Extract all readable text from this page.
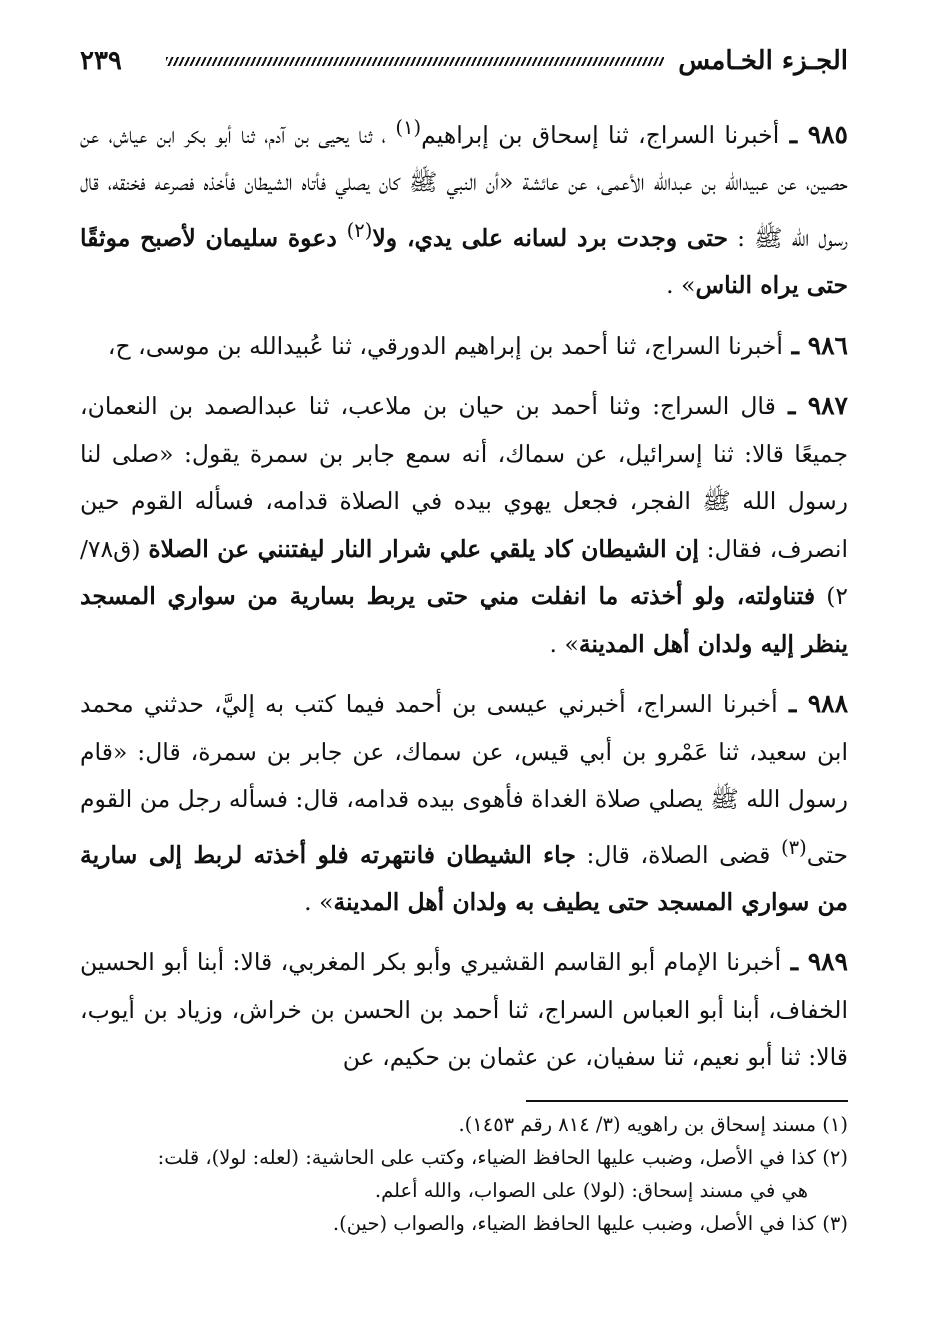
٢٣٩	الجـزء الخـامس

٩٨٥ ـ أخبرنا السراج، ثنا إسحاق بن إبراهيم$^{(١)}$ ، ثنا يحيى بن آدم، ثنا أبو بكر ابن عياش، عن حصين، عن عبيدالله بن عبدالله الأعمى، عن عائشة «أن النبي ﷺ كان يصلي فأتاه الشيطان فأخذه فصرعه فخنقه، قال رسول الله ﷺ : حتى وجدت برد لسانه على يدي، ولا$^{(٢)}$ دعوة سليمان لأصبح موثقًا حتى يراه الناس» .

٩٨٦ ـ أخبرنا السراج، ثنا أحمد بن إبراهيم الدورقي، ثنا عُبيدالله بن موسى، ح،

٩٨٧ ـ قال السراج: وثنا أحمد بن حيان بن ملاعب، ثنا عبدالصمد بن النعمان، جميعًا قالا: ثنا إسرائيل، عن سماك، أنه سمع جابر بن سمرة يقول: «صلى لنا رسول الله ﷺ الفجر، فجعل يهوي بيده في الصلاة قدامه، فسأله القوم حين انصرف، فقال: إن الشيطان كاد يلقي علي شرار النار ليفتنني عن الصلاة (ق٧٨/ ٢) فتناولته، ولو أخذته ما انفلت مني حتى يربط بسارية من سواري المسجد ينظر إليه ولدان أهل المدينة» .

٩٨٨ ـ أخبرنا السراج، أخبرني عيسى بن أحمد فيما كتب به إليَّ، حدثني محمد ابن سعيد، ثنا عَمْرو بن أبي قيس، عن سماك، عن جابر بن سمرة، قال: «قام رسول الله ﷺ يصلي صلاة الغداة فأهوى بيده قدامه، قال: فسأله رجل من القوم حتى$^{(٣)}$ قضى الصلاة، قال: جاء الشيطان فانتهرته فلو أخذته لربط إلى سارية من سواري المسجد حتى يطيف به ولدان أهل المدينة» .

٩٨٩ ـ أخبرنا الإمام أبو القاسم القشيري وأبو بكر المغربي، قالا: أبنا أبو الحسين الخفاف، أبنا أبو العباس السراج، ثنا أحمد بن الحسن بن خراش، وزياد بن أيوب، قالا: ثنا أبو نعيم، ثنا سفيان، عن عثمان بن حكيم، عن

(١) مسند إسحاق بن راهويه (٣/ ٨١٤ رقم ١٤٥٣).

(٢) كذا في الأصل، وضبب عليها الحافظ الضياء، وكتب على الحاشية: (لعله: لولا)، قلت:

هي في مسند إسحاق: (لولا) على الصواب، والله أعلم.

(٣) كذا في الأصل، وضبب عليها الحافظ الضياء، والصواب (حين).
